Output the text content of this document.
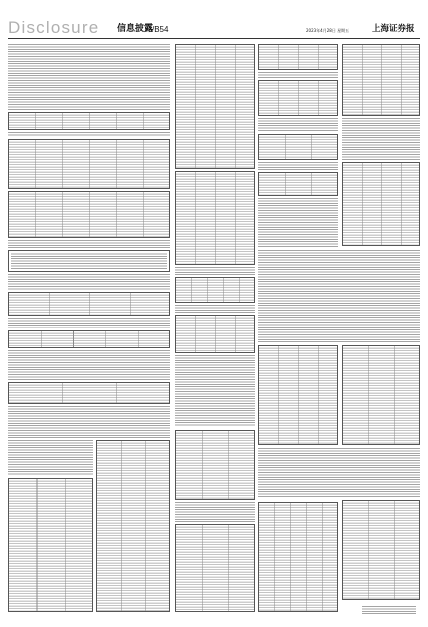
Disclosure 信息披露
/B54	2023年4月28日 星期五	上海证券报
